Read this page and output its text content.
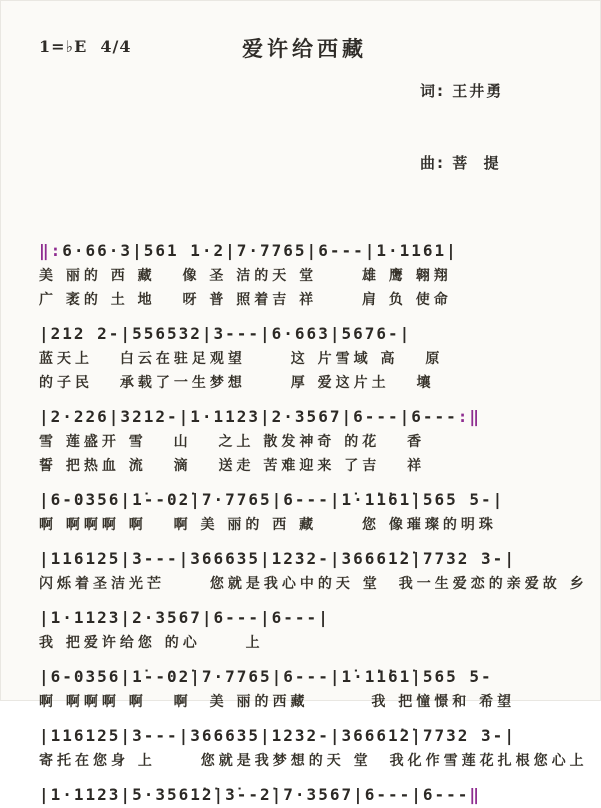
1=♭E  4/4	爱许给西藏

词: 王井勇

曲: 菩  提

‖:6·66·3|561 1·2|7·7765|6---|1·1161|
美 丽的 西 藏　 像 圣 洁的天 堂　　 雄 鹰 翱翔
广 袤的 土 地　 呀 普 照着吉 祥　　 肩 负 使命
|212 2-|556532|3---|6·663|5676-|
蓝天上　 白云在驻足观望　　 这 片雪域 高　 原
的子民　 承载了一生梦想　　 厚 爱这片土　 壤
|2·226|3212-|1·1123|2·3567|6---|6---:‖
雪 莲盛开 雪　 山　 之上 散发神奇 的花　 香
誓 把热血 流　 滴　 送走 苦难迎来 了吉　 祥
|6-0356|1̇--02̇|7·7765|6---|1̇·1̇1̇61̇|565 5-|
啊 啊啊啊 啊　 啊 美 丽的 西 藏　　 您 像璀璨的明珠
|116125|3---|366635|1232-|36661̇2̇|7732 3-|
闪烁着圣洁光芒　　 您就是我心中的天 堂　我一生爱恋的亲爱故 乡
|1·1123|2·3567|6---|6---|
我 把爱许给您 的心　　 上
|6-0356|1̇--02̇|7·7765|6---|1̇·1̇1̇61̇|565 5-
啊 啊啊啊 啊　 啊　美 丽的西藏　　　 我 把憧憬和 希望
|116125|3---|366635|1232-|36661̇2̇|7732 3-|
寄托在您身 上　　 您就是我梦想的天 堂　我化作雪莲花扎根您心上
|1·1123|5·3561̇2̇|3̇--2̇|7·3567|6---|6---‖
